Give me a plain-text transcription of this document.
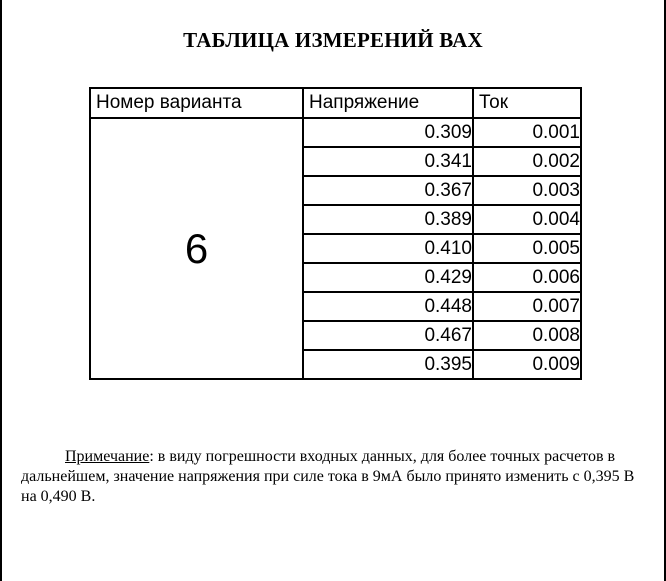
ТАБЛИЦА ИЗМЕРЕНИЙ ВАХ
Номер варианта	Напряжение	Ток
6	0.309	0.001
	0.341	0.002
	0.367	0.003
	0.389	0.004
	0.410	0.005
	0.429	0.006
	0.448	0.007
	0.467	0.008
	0.395	0.009

Примечание: в виду погрешности входных данных, для более точных расчетов в дальнейшем, значение напряжения при силе тока в 9мА было принято изменить с 0,395 В на 0,490 В.
